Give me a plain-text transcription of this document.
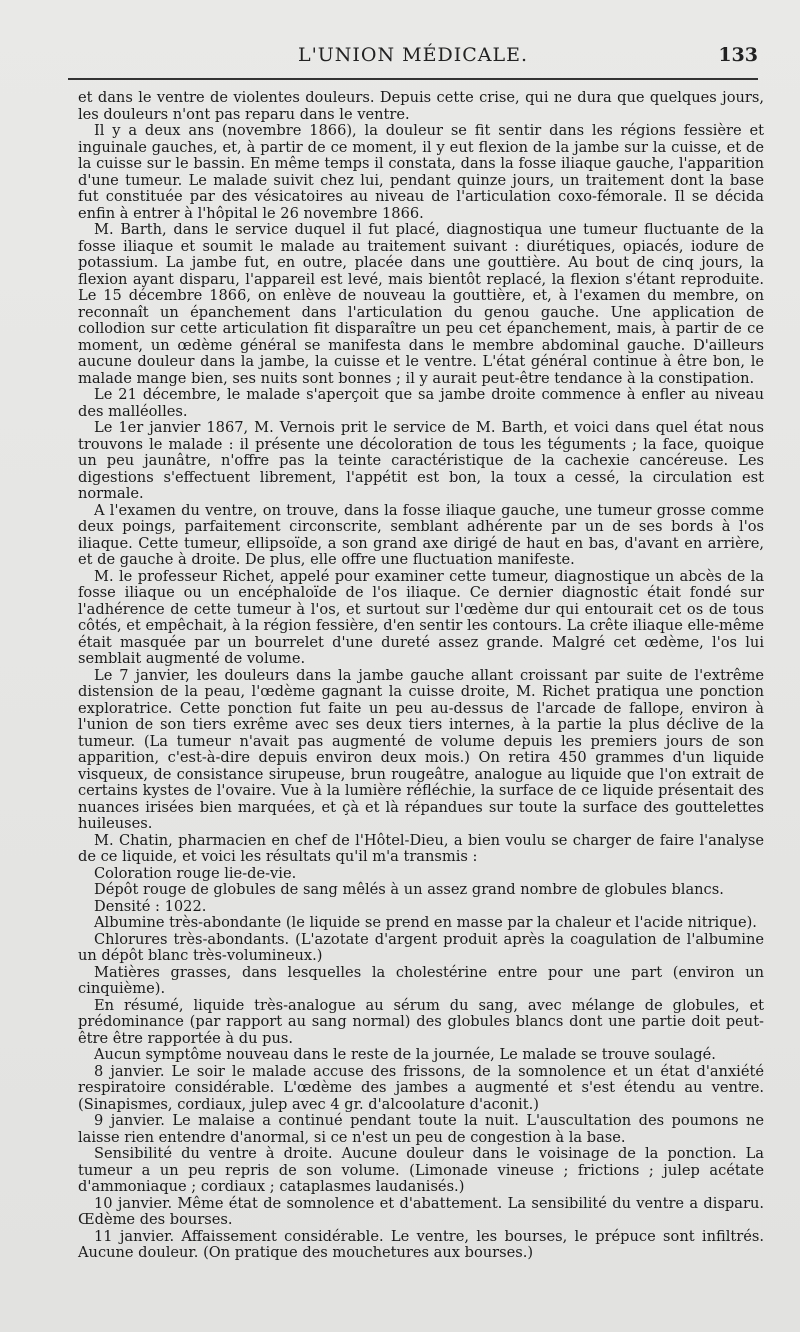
L'UNION MÉDICALE.	133

et dans le ventre de violentes douleurs. Depuis cette crise, qui ne dura que quelques jours, les douleurs n'ont pas reparu dans le ventre.

Il y a deux ans (novembre 1866), la douleur se fit sentir dans les régions fessière et inguinale gauches, et, à partir de ce moment, il y eut flexion de la jambe sur la cuisse, et de la cuisse sur le bassin. En même temps il constata, dans la fosse iliaque gauche, l'apparition d'une tumeur. Le malade suivit chez lui, pendant quinze jours, un traitement dont la base fut constituée par des vésicatoires au niveau de l'articulation coxo-fémorale. Il se décida enfin à entrer à l'hôpital le 26 novembre 1866.

M. Barth, dans le service duquel il fut placé, diagnostiqua une tumeur fluctuante de la fosse iliaque et soumit le malade au traitement suivant : diurétiques, opiacés, iodure de potassium. La jambe fut, en outre, placée dans une gouttière. Au bout de cinq jours, la flexion ayant disparu, l'appareil est levé, mais bientôt replacé, la flexion s'étant reproduite. Le 15 décembre 1866, on enlève de nouveau la gouttière, et, à l'examen du membre, on reconnaît un épanchement dans l'articulation du genou gauche. Une application de collodion sur cette articulation fit disparaître un peu cet épanchement, mais, à partir de ce moment, un œdème général se manifesta dans le membre abdominal gauche. D'ailleurs aucune douleur dans la jambe, la cuisse et le ventre. L'état général continue à être bon, le malade mange bien, ses nuits sont bonnes ; il y aurait peut-être tendance à la constipation.

Le 21 décembre, le malade s'aperçoit que sa jambe droite commence à enfler au niveau des malléolles.

Le 1er janvier 1867, M. Vernois prit le service de M. Barth, et voici dans quel état nous trouvons le malade : il présente une décoloration de tous les téguments ; la face, quoique un peu jaunâtre, n'offre pas la teinte caractéristique de la cachexie cancéreuse. Les digestions s'effectuent librement, l'appétit est bon, la toux a cessé, la circulation est normale.

A l'examen du ventre, on trouve, dans la fosse iliaque gauche, une tumeur grosse comme deux poings, parfaitement circonscrite, semblant adhérente par un de ses bords à l'os iliaque. Cette tumeur, ellipsoïde, a son grand axe dirigé de haut en bas, d'avant en arrière, et de gauche à droite. De plus, elle offre une fluctuation manifeste.

M. le professeur Richet, appelé pour examiner cette tumeur, diagnostique un abcès de la fosse iliaque ou un encéphaloïde de l'os iliaque. Ce dernier diagnostic était fondé sur l'adhérence de cette tumeur à l'os, et surtout sur l'œdème dur qui entourait cet os de tous côtés, et empêchait, à la région fessière, d'en sentir les contours. La crête iliaque elle-même était masquée par un bourrelet d'une dureté assez grande. Malgré cet œdème, l'os lui semblait augmenté de volume.

Le 7 janvier, les douleurs dans la jambe gauche allant croissant par suite de l'extrême distension de la peau, l'œdème gagnant la cuisse droite, M. Richet pratiqua une ponction exploratrice. Cette ponction fut faite un peu au-dessus de l'arcade de fallope, environ à l'union de son tiers exrême avec ses deux tiers internes, à la partie la plus déclive de la tumeur. (La tumeur n'avait pas augmenté de volume depuis les premiers jours de son apparition, c'est-à-dire depuis environ deux mois.) On retira 450 grammes d'un liquide visqueux, de consistance sirupeuse, brun rougeâtre, analogue au liquide que l'on extrait de certains kystes de l'ovaire. Vue à la lumière réfléchie, la surface de ce liquide présentait des nuances irisées bien marquées, et çà et là répandues sur toute la surface des gouttelettes huileuses.

M. Chatin, pharmacien en chef de l'Hôtel-Dieu, a bien voulu se charger de faire l'analyse de ce liquide, et voici les résultats qu'il m'a transmis :

Coloration rouge lie-de-vie.

Dépôt rouge de globules de sang mêlés à un assez grand nombre de globules blancs.

Densité : 1022.

Albumine très-abondante (le liquide se prend en masse par la chaleur et l'acide nitrique).

Chlorures très-abondants. (L'azotate d'argent produit après la coagulation de l'albumine un dépôt blanc très-volumineux.)

Matières grasses, dans lesquelles la cholestérine entre pour une part (environ un cinquième).

En résumé, liquide très-analogue au sérum du sang, avec mélange de globules, et prédominance (par rapport au sang normal) des globules blancs dont une partie doit peut-être être rapportée à du pus.

Aucun symptôme nouveau dans le reste de la journée, Le malade se trouve soulagé.

8 janvier. Le soir le malade accuse des frissons, de la somnolence et un état d'anxiété respiratoire considérable. L'œdème des jambes a augmenté et s'est étendu au ventre. (Sinapismes, cordiaux, julep avec 4 gr. d'alcoolature d'aconit.)

9 janvier. Le malaise a continué pendant toute la nuit. L'auscultation des poumons ne laisse rien entendre d'anormal, si ce n'est un peu de congestion à la base.

Sensibilité du ventre à droite. Aucune douleur dans le voisinage de la ponction. La tumeur a un peu repris de son volume. (Limonade vineuse ; frictions ; julep acétate d'ammoniaque ; cordiaux ; cataplasmes laudanisés.)

10 janvier. Même état de somnolence et d'abattement. La sensibilité du ventre a disparu. Œdème des bourses.

11 janvier. Affaissement considérable. Le ventre, les bourses, le prépuce sont infiltrés. Aucune douleur. (On pratique des mouchetures aux bourses.)
